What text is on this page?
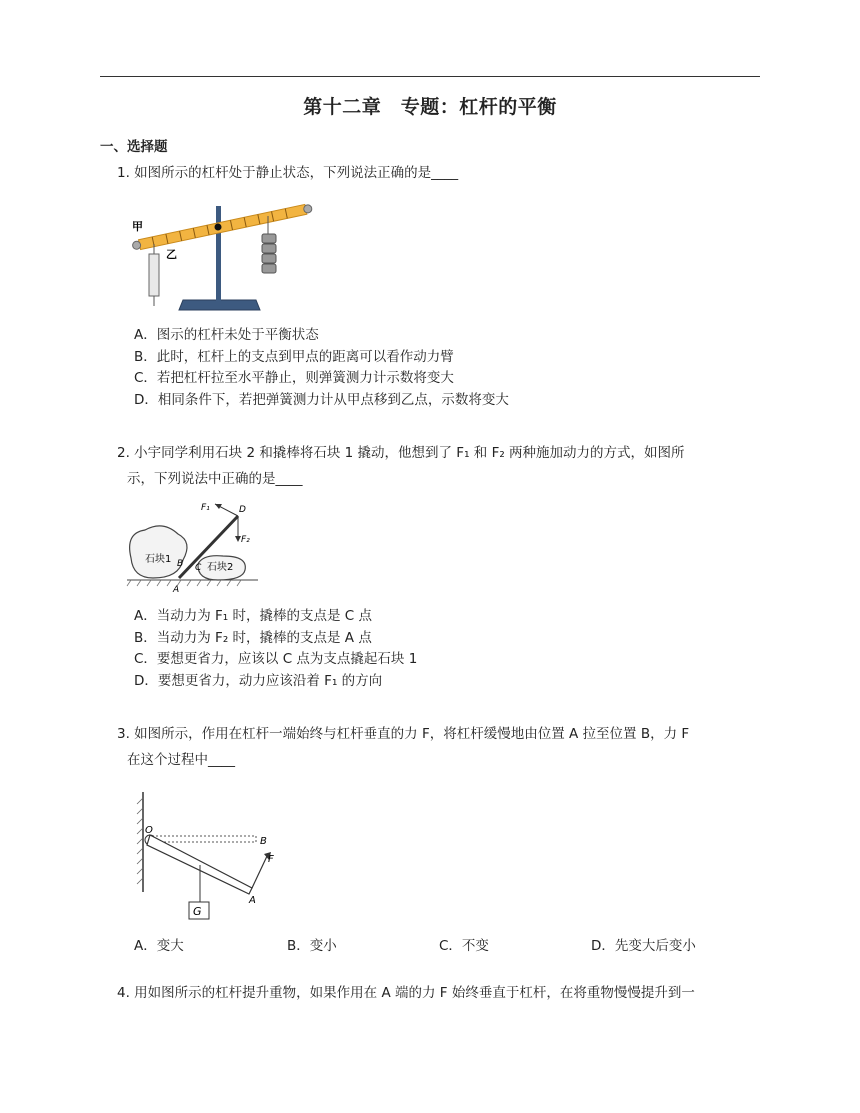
第十二章　专题：杠杆的平衡
一、选择题
1. 如图所示的杠杆处于静止状态，下列说法正确的是____
甲
乙
A．图示的杠杆未处于平衡状态
B．此时，杠杆上的支点到甲点的距离可以看作动力臂
C．若把杠杆拉至水平静止，则弹簧测力计示数将变大
D．相同条件下，若把弹簧测力计从甲点移到乙点，示数将变大
2. 小宇同学利用石块 2 和撬棒将石块 1 撬动，他想到了 F₁ 和 F₂ 两种施加动力的方式，如图所

示，下列说法中正确的是____
F₁	D
F₂
石块1
石块2
B C
A
A．当动力为 F₁ 时，撬棒的支点是 C 点
B．当动力为 F₂ 时，撬棒的支点是 A 点
C．要想更省力，应该以 C 点为支点撬起石块 1
D．要想更省力，动力应该沿着 F₁ 的方向
3. 如图所示，作用在杠杆一端始终与杠杆垂直的力 F，将杠杆缓慢地由位置 A 拉至位置 B，力 F

在这个过程中____
O
B
F
A
G
A．变大	B．变小	C．不变	D．先变大后变小
4. 用如图所示的杠杆提升重物，如果作用在 A 端的力 F 始终垂直于杠杆，在将重物慢慢提升到一
